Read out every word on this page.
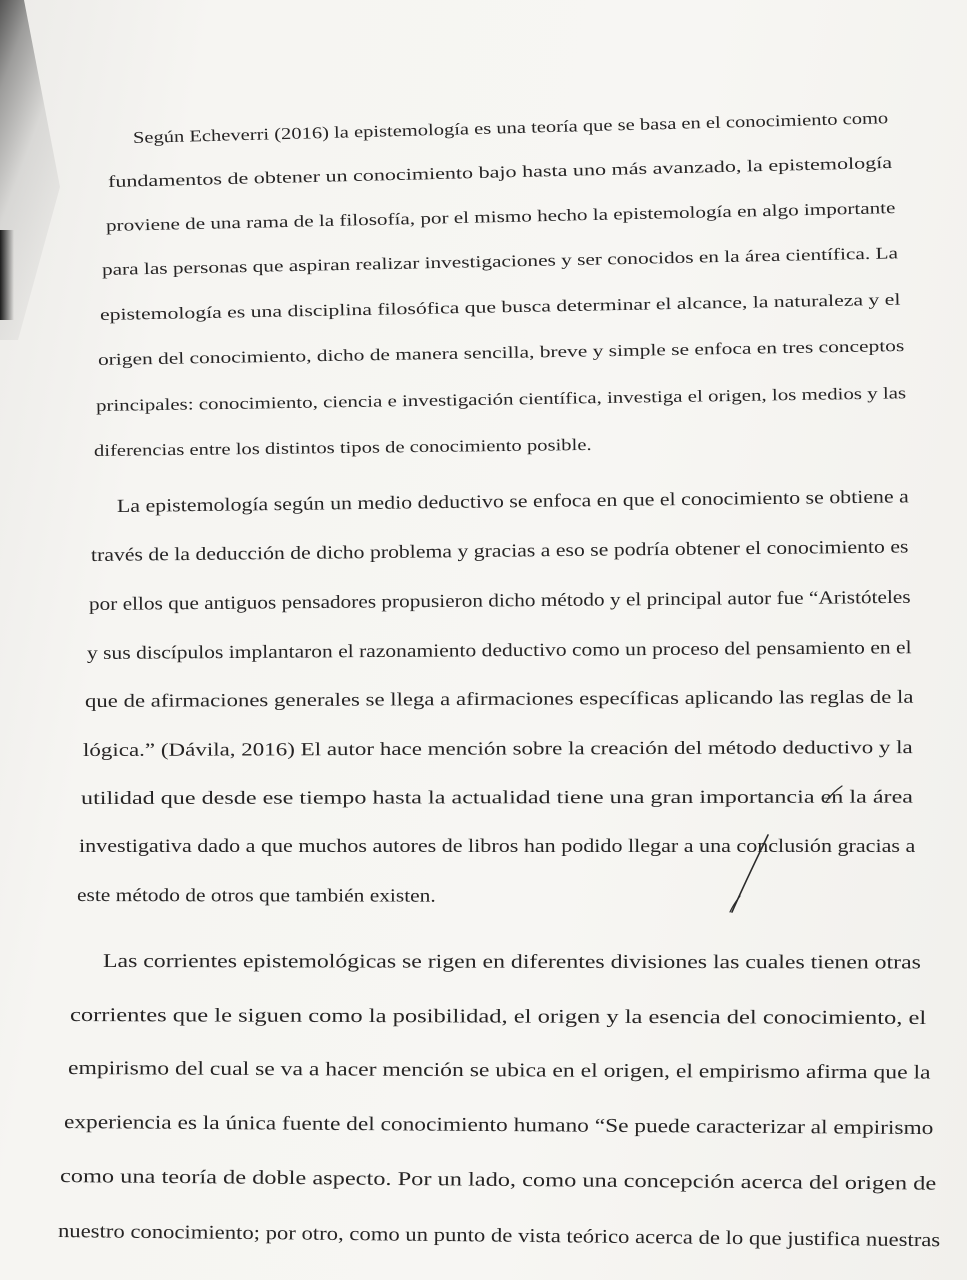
Según Echeverri (2016) la epistemología es una teoría que se basa en el conocimiento como
fundamentos de obtener un conocimiento bajo hasta uno más avanzado, la epistemología
proviene de una rama de la filosofía, por el mismo hecho la epistemología en algo importante
para las personas que aspiran realizar investigaciones y ser conocidos en la área científica. La
epistemología es una disciplina filosófica que busca determinar el alcance, la naturaleza y el
origen del conocimiento, dicho de manera sencilla, breve y simple se enfoca en tres conceptos
principales: conocimiento, ciencia e investigación científica, investiga el origen, los medios y las
diferencias entre los distintos tipos de conocimiento posible.
La epistemología según un medio deductivo se enfoca en que el conocimiento se obtiene a
través de la deducción de dicho problema y gracias a eso se podría obtener el conocimiento es
por ellos que antiguos pensadores propusieron dicho método y el principal autor fue “Aristóteles
y sus discípulos implantaron el razonamiento deductivo como un proceso del pensamiento en el
que de afirmaciones generales se llega a afirmaciones específicas aplicando las reglas de la
lógica.” (Dávila, 2016) El autor hace mención sobre la creación del método deductivo y la
utilidad que desde ese tiempo hasta la actualidad tiene una gran importancia en la área
investigativa dado a que muchos autores de libros han podido llegar a una conclusión gracias a
este método de otros que también existen.
Las corrientes epistemológicas se rigen en diferentes divisiones las cuales tienen otras
corrientes que le siguen como la posibilidad, el origen y la esencia del conocimiento, el
empirismo del cual se va a hacer mención se ubica en el origen, el empirismo afirma que la
experiencia es la única fuente del conocimiento humano “Se puede caracterizar al empirismo
como una teoría de doble aspecto. Por un lado, como una concepción acerca del origen de
nuestro conocimiento; por otro, como un punto de vista teórico acerca de lo que justifica nuestras
